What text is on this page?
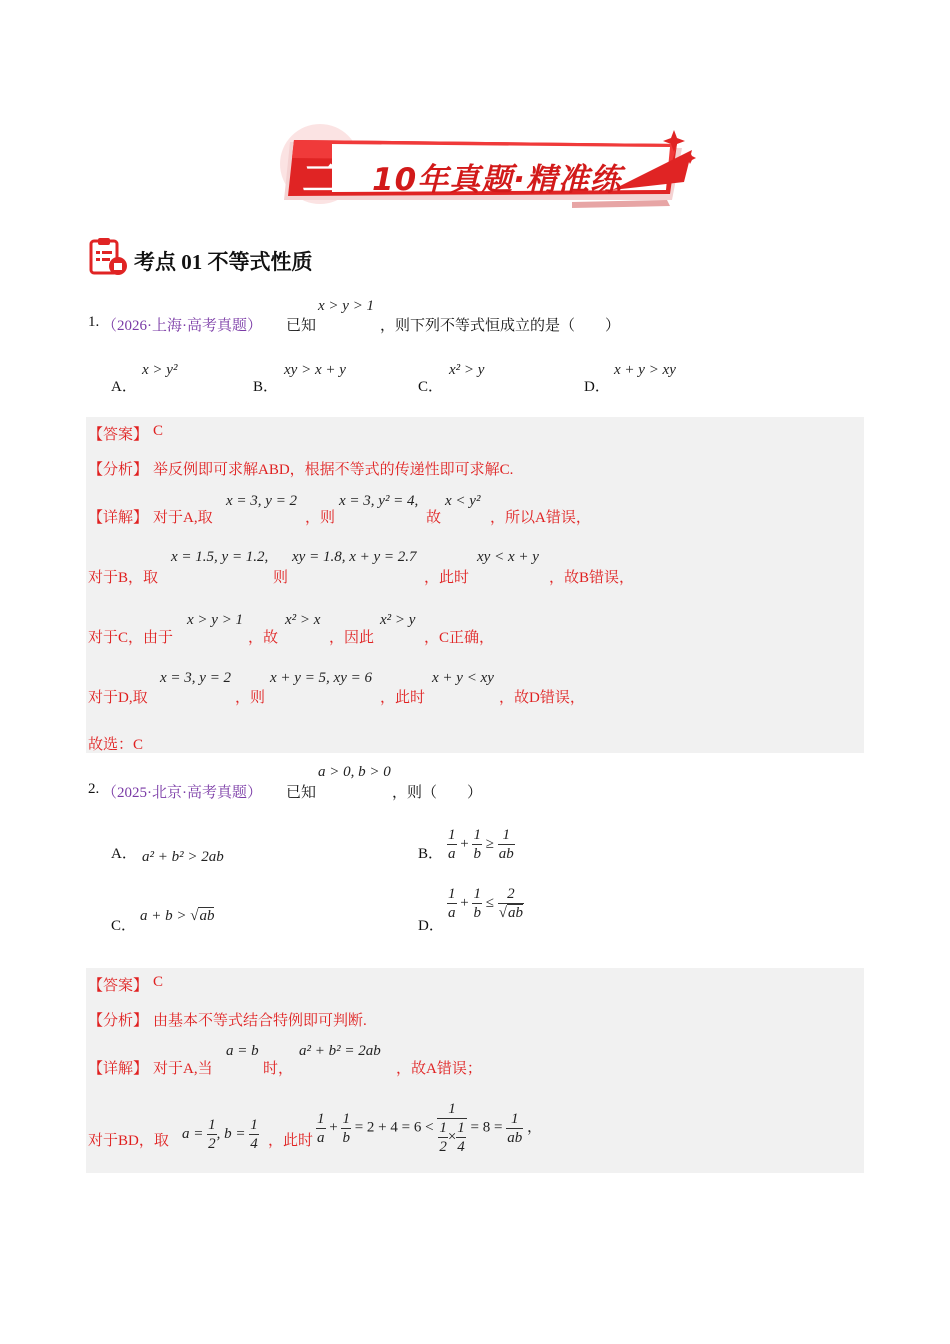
二 10年真题·精准练
考点 01 不等式性质
1. （2026·上海·高考真题） 已知
x > y > 1
，则下列不等式恒成立的是（　　）
A．
x > y²
B．
xy > x + y
C．
x² > y
D．
x + y > xy
【答案】 C
【分析】 举反例即可求解ABD，根据不等式的传递性即可求解C.
【详解】 对于A,取
x = 3, y = 2
，则
x = 3, y² = 4,
故
x < y²
，所以A错误，
对于B，取
x = 1.5, y = 1.2,
则
xy = 1.8, x + y = 2.7
，此时
xy < x + y
，故B错误，
对于C，由于
x > y > 1
，故
x² > x
，因此
x² > y
，C正确，
对于D,取
x = 3, y = 2
，则
x + y = 5, xy = 6
，此时
x + y < xy
，故D错误，
故选：C
2. （2025·北京·高考真题） 已知
a > 0, b > 0
，则（　　）
A． a² + b² > 2ab	B． $\frac{1}{a} + \frac{1}{b} \ge \frac{1}{ab}$
C．
a + b > √ab
D．
$\frac{1}{a} + \frac{1}{b} \le \frac{2}{√ab}$
【答案】 C
【分析】 由基本不等式结合特例即可判断.
【详解】 对于A,当
a = b
时，
a² + b² = 2ab
，故A错误；
对于BD，取 $a = \frac{1}{2}$ , $b = \frac{1}{4}$ ，此时 $\frac{1}{a} + \frac{1}{b} = 2 + 4 = 6 < \frac{1}{\frac{1}{2} \times \frac{1}{4}} = 8 = \frac{1}{ab}$ ，
